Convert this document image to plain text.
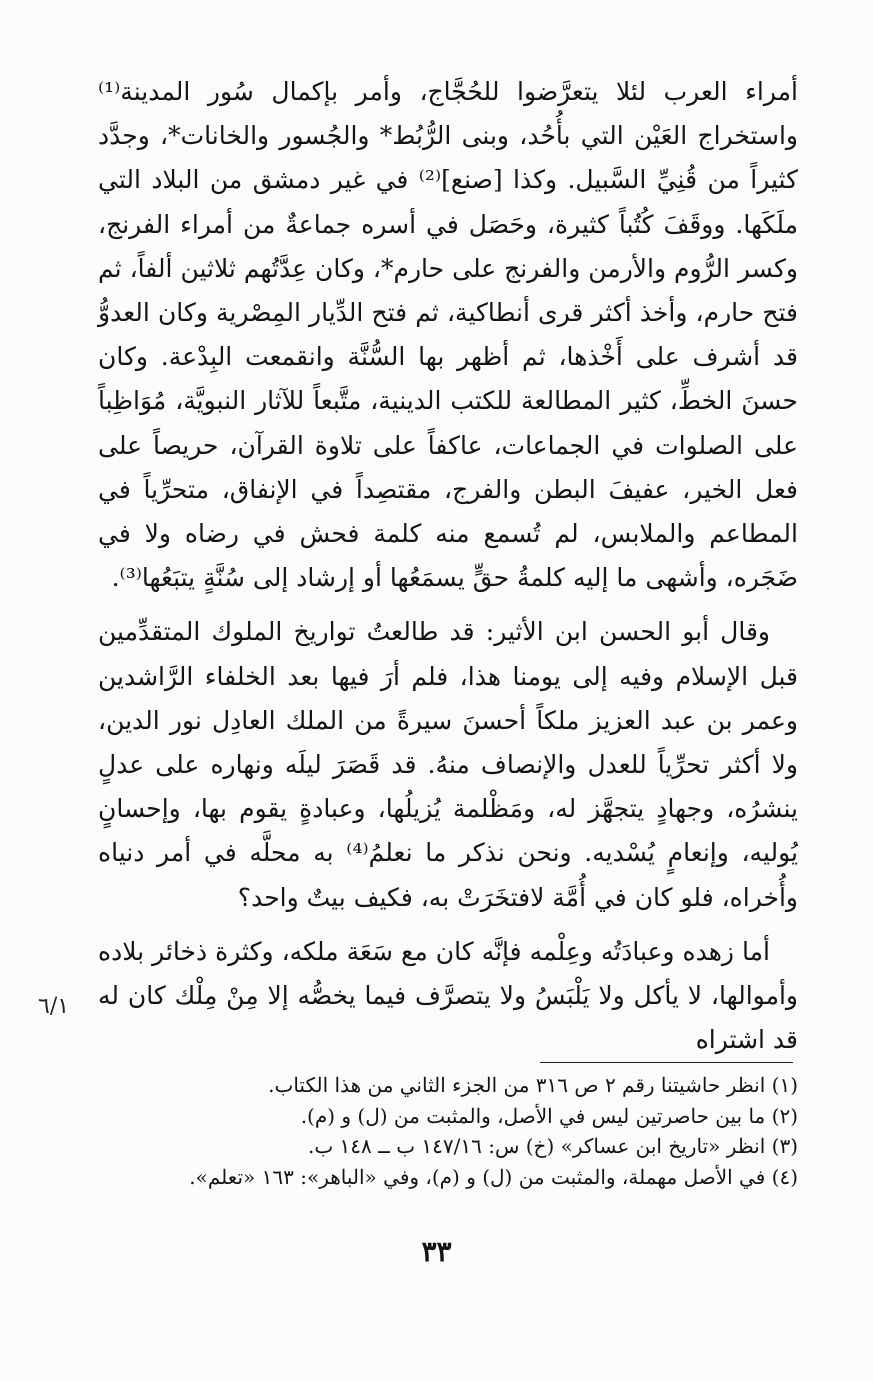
أمراء العرب لئلا يتعرَّضوا للحُجَّاج، وأمر بإكمال سُور المدينة⁽¹⁾ واستخراج العَيْن التي بأُحُد، وبنى الرُّبُط* والجُسور والخانات*، وجدَّد كثيراً من قُنِيِّ السَّبيل. وكذا [صنع]⁽²⁾ في غير دمشق من البلاد التي ملَكَها. ووقَفَ كُتُباً كثيرة، وحَصَل في أسره جماعةٌ من أمراء الفرنج، وكسر الرُّوم والأرمن والفرنج على حارم*، وكان عِدَّتُهم ثلاثين ألفاً، ثم فتح حارم، وأخذ أكثر قرى أنطاكية، ثم فتح الدِّيار المِصْرية وكان العدوُّ قد أشرف على أَخْذها، ثم أظهر بها السُّنَّة وانقمعت البِدْعة. وكان حسنَ الخطِّ، كثير المطالعة للكتب الدينية، متَّبعاً للآثار النبويَّة، مُوَاظِباً على الصلوات في الجماعات، عاكفاً على تلاوة القرآن، حريصاً على فعل الخير، عفيفَ البطن والفرج، مقتصِداً في الإنفاق، متحرِّياً في المطاعم والملابس، لم تُسمع منه كلمة فحش في رضاه ولا في ضَجَره، وأشهى ما إليه كلمةُ حقٍّ يسمَعُها أو إرشاد إلى سُنَّةٍ يتبَعُها⁽³⁾.

وقال أبو الحسن ابن الأثير: قد طالعتُ تواريخ الملوك المتقدِّمين قبل الإسلام وفيه إلى يومنا هذا، فلم أرَ فيها بعد الخلفاء الرَّاشدين وعمر بن عبد العزيز ملكاً أحسنَ سيرةً من الملك العادِل نور الدين، ولا أكثر تحرِّياً للعدل والإنصاف منهُ. قد قَصَرَ ليلَه ونهاره على عدلٍ ينشرُه، وجهادٍ يتجهَّز له، ومَظْلمة يُزيلُها، وعبادةٍ يقوم بها، وإحسانٍ يُوليه، وإنعامٍ يُسْديه. ونحن نذكر ما نعلمُ⁽⁴⁾ به محلَّه في أمر دنياه وأُخراه، فلو كان في أُمَّة لافتخَرَتْ به، فكيف بيتٌ واحد؟

أما زهده وعبادَتُه وعِلْمه فإنَّه كان مع سَعَة ملكه، وكثرة ذخائر بلاده وأموالها، لا يأكل ولا يَلْبَسُ ولا يتصرَّف فيما يخصُّه إلا مِنْ مِلْك كان له قد اشتراه

٦/١

(١) انظر حاشيتنا رقم ٢ ص ٣١٦ من الجزء الثاني من هذا الكتاب.

(٢) ما بين حاصرتين ليس في الأصل، والمثبت من (ل) و (م).

(٣) انظر «تاريخ ابن عساكر» (خ) س: ١٤٧/١٦ ب ــ ١٤٨ ب.

(٤) في الأصل مهملة، والمثبت من (ل) و (م)، وفي «الباهر»: ١٦٣ «تعلم».

٣٣
